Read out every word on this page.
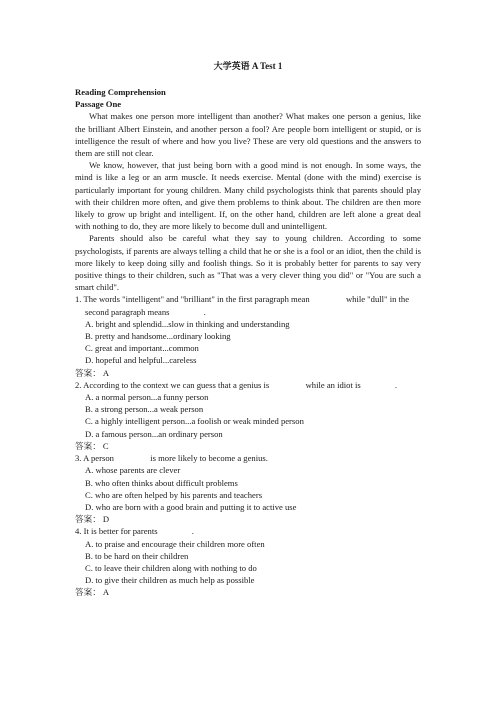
大学英语 A Test 1
Reading Comprehension
Passage One
What makes one person more intelligent than another? What makes one person a genius, like the brilliant Albert Einstein, and another person a fool? Are people born intelligent or stupid, or is intelligence the result of where and how you live? These are very old questions and the answers to them are still not clear.
We know, however, that just being born with a good mind is not enough. In some ways, the mind is like a leg or an arm muscle. It needs exercise. Mental (done with the mind) exercise is particularly important for young children. Many child psychologists think that parents should play with their children more often, and give them problems to think about. The children are then more likely to grow up bright and intelligent. If, on the other hand, children are left alone a great deal with nothing to do, they are more likely to become dull and unintelligent.
Parents should also be careful what they say to young children. According to some psychologists, if parents are always telling a child that he or she is a fool or an idiot, then the child is more likely to keep doing silly and foolish things. So it is probably better for parents to say very positive things to their children, such as "That was a very clever thing you did" or "You are such a smart child".
1. The words "intelligent" and "brilliant" in the first paragraph mean	while "dull" in the second paragraph means	.
A. bright and splendid...slow in thinking and understanding
B. pretty and handsome...ordinary looking
C. great and important...common
D. hopeful and helpful...careless
答案： A
2. According to the context we can guess that a genius is	while an idiot is	.
A. a normal person...a funny person
B. a strong person...a weak person
C. a highly intelligent person...a foolish or weak minded person
D. a famous person...an ordinary person
答案： C
3. A person	is more likely to become a genius.
A. whose parents are clever
B. who often thinks about difficult problems
C. who are often helped by his parents and teachers
D. who are born with a good brain and putting it to active use
答案： D
4. It is better for parents	.
A. to praise and encourage their children more often
B. to be hard on their children
C. to leave their children along with nothing to do
D. to give their children as much help as possible
答案： A
